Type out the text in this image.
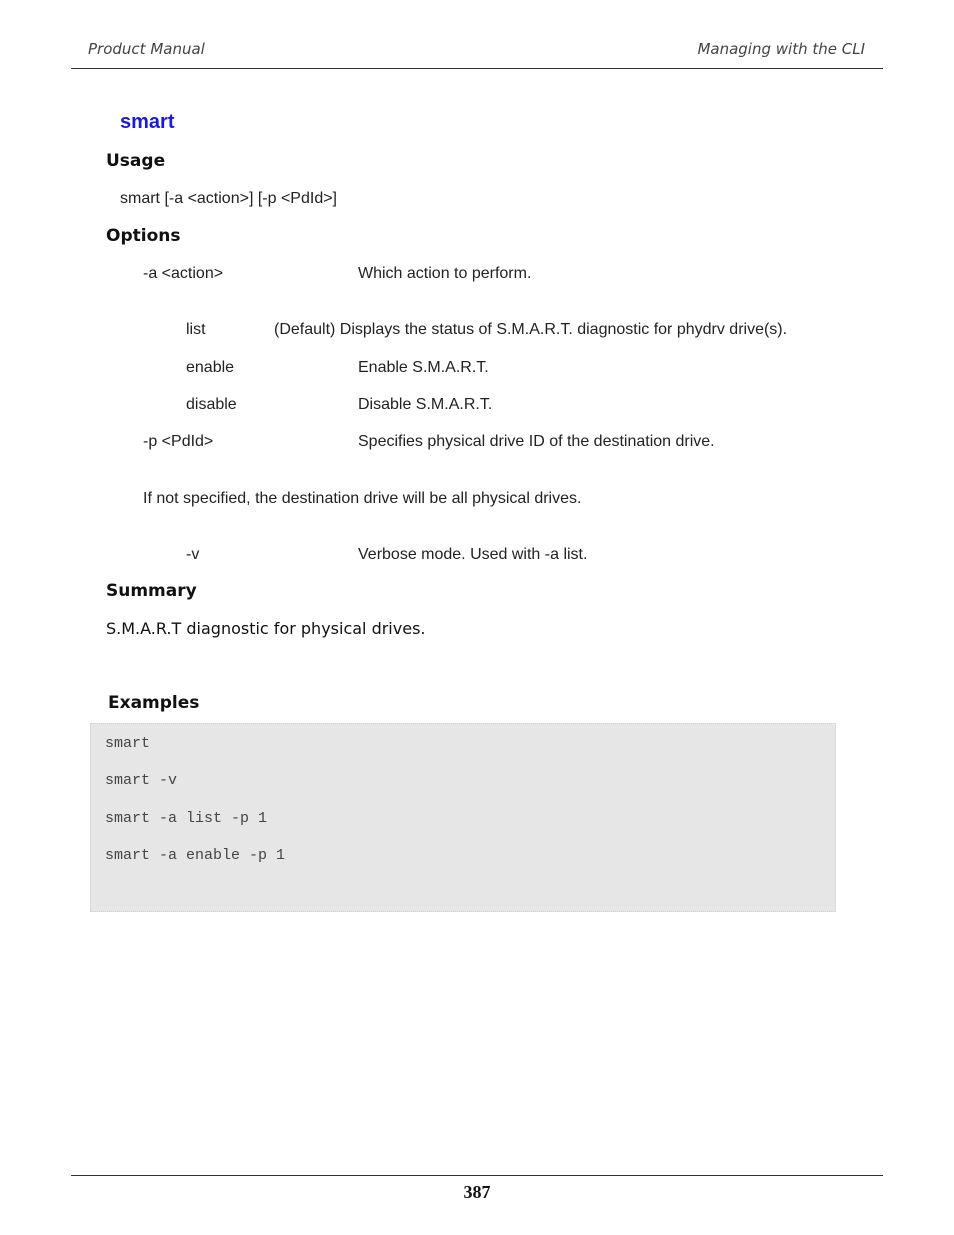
Product Manual	Managing with the CLI
smart
Usage
smart [-a <action>] [-p <PdId>]
Options
-a <action>	Which action to perform.
list	(Default) Displays the status of S.M.A.R.T. diagnostic for phydrv drive(s).
enable	Enable S.M.A.R.T.
disable	Disable S.M.A.R.T.
-p <PdId>	Specifies physical drive ID of the destination drive.
If not specified, the destination drive will be all physical drives.
-v	Verbose mode. Used with -a list.
Summary
S.M.A.R.T diagnostic for physical drives.
Examples
smart
smart -v
smart -a list -p 1
smart -a enable -p 1
387
